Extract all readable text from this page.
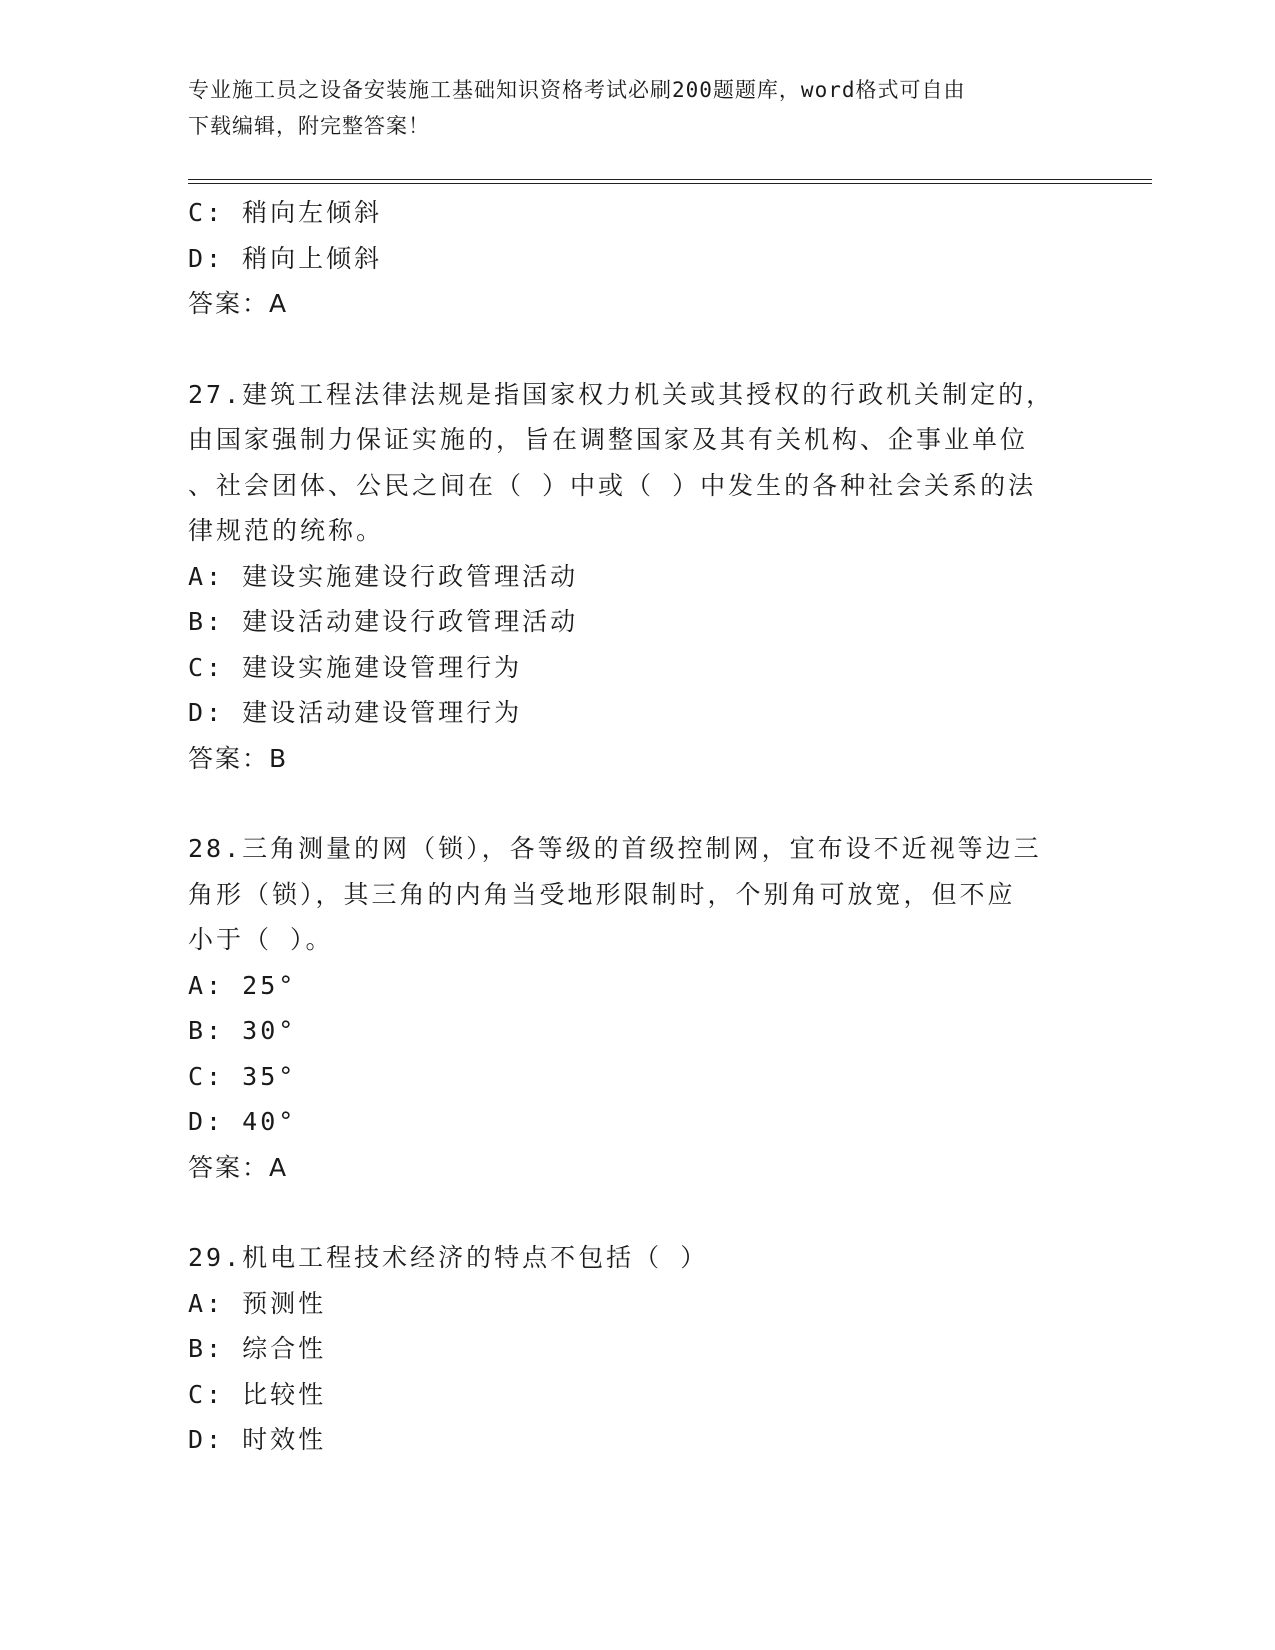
专业施工员之设备安装施工基础知识资格考试必刷200题题库，word格式可自由
下载编辑，附完整答案！
C: 稍向左倾斜
D: 稍向上倾斜
答案：A
27.建筑工程法律法规是指国家权力机关或其授权的行政机关制定的，
由国家强制力保证实施的，旨在调整国家及其有关机构、企事业单位
、社会团体、公民之间在（ ）中或（ ）中发生的各种社会关系的法
律规范的统称。
A: 建设实施建设行政管理活动
B: 建设活动建设行政管理活动
C: 建设实施建设管理行为
D: 建设活动建设管理行为
答案：B
28.三角测量的网（锁），各等级的首级控制网，宜布设不近视等边三
角形（锁），其三角的内角当受地形限制时，个别角可放宽，但不应
小于（ ）。
A: 25°
B: 30°
C: 35°
D: 40°
答案：A
29.机电工程技术经济的特点不包括（ ）
A: 预测性
B: 综合性
C: 比较性
D: 时效性
